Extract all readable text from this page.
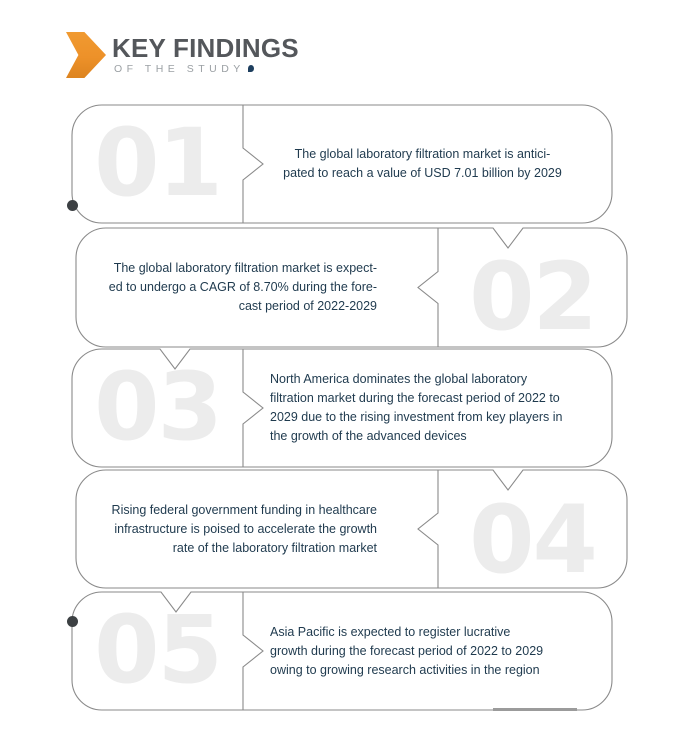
KEY FINDINGS
OF THE STUDY
01	The global laboratory filtration market is antici-
pated to reach a value of USD 7.01 billion by 2029
02
The global laboratory filtration market is expect-
ed to undergo a CAGR of 8.70% during the fore-
cast period of 2022-2029
03	North America dominates the global laboratory
filtration market during the forecast period of 2022 to
2029 due to the rising investment from key players in
the growth of the advanced devices
04
Rising federal government funding in healthcare
infrastructure is poised to accelerate the growth
rate of the laboratory filtration market
05	Asia Pacific is expected to register lucrative
growth during the forecast period of 2022 to 2029
owing to growing research activities in the region
